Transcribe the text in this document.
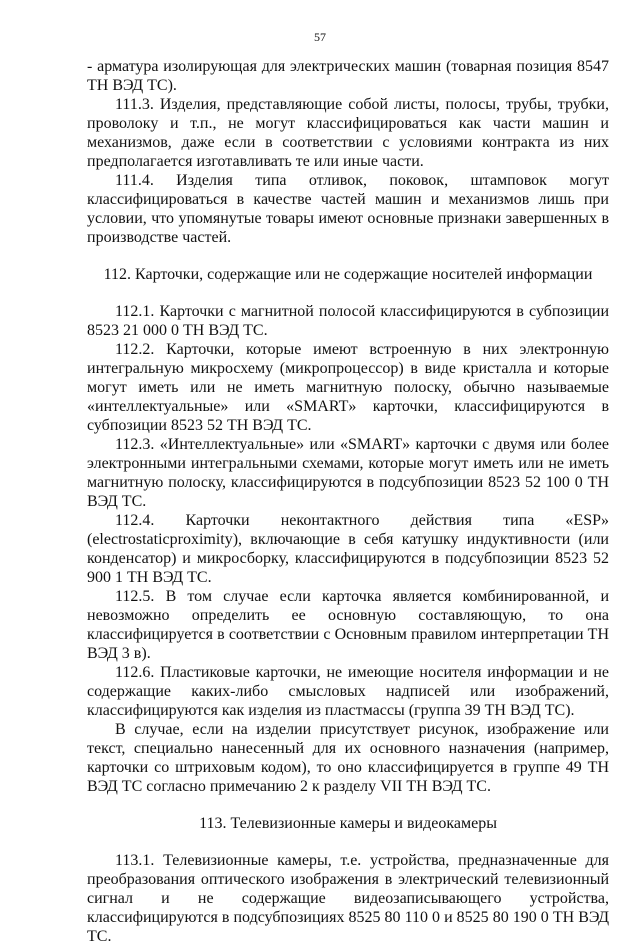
57

- арматура изолирующая для электрических машин (товарная позиция 8547 ТН ВЭД ТС).

111.3. Изделия, представляющие собой листы, полосы, трубы, трубки, проволоку и т.п., не могут классифицироваться как части машин и механизмов, даже если в соответствии с условиями контракта из них предполагается изготавливать те или иные части.

111.4. Изделия типа отливок, поковок, штамповок могут классифицироваться в качестве частей машин и механизмов лишь при условии, что упомянутые товары имеют основные признаки завершенных в производстве частей.

112. Карточки, содержащие или не содержащие носителей информации

112.1. Карточки с магнитной полосой классифицируются в субпозиции 8523 21 000 0 ТН ВЭД ТС.

112.2. Карточки, которые имеют встроенную в них электронную интегральную микросхему (микропроцессор) в виде кристалла и которые могут иметь или не иметь магнитную полоску, обычно называемые «интеллектуальные» или «SMART» карточки, классифицируются в субпозиции 8523 52 ТН ВЭД ТС.

112.3. «Интеллектуальные» или «SMART» карточки с двумя или более электронными интегральными схемами, которые могут иметь или не иметь магнитную полоску, классифицируются в подсубпозиции 8523 52 100 0 ТН ВЭД ТС.

112.4. Карточки неконтактного действия типа «ESP» (electrostaticproximity), включающие в себя катушку индуктивности (или конденсатор) и микросборку, классифицируются в подсубпозиции 8523 52 900 1 ТН ВЭД ТС.

112.5. В том случае если карточка является комбинированной, и невозможно определить ее основную составляющую, то она классифицируется в соответствии с Основным правилом интерпретации ТН ВЭД 3 в).

112.6. Пластиковые карточки, не имеющие носителя информации и не содержащие каких-либо смысловых надписей или изображений, классифицируются как изделия из пластмассы (группа 39 ТН ВЭД ТС).

В случае, если на изделии присутствует рисунок, изображение или текст, специально нанесенный для их основного назначения (например, карточки со штриховым кодом), то оно классифицируется в группе 49 ТН ВЭД ТС согласно примечанию 2 к разделу VII ТН ВЭД ТС.

113. Телевизионные камеры и видеокамеры

113.1. Телевизионные камеры, т.е. устройства, предназначенные для преобразования оптического изображения в электрический телевизионный сигнал и не содержащие видеозаписывающего устройства, классифицируются в подсубпозициях 8525 80 110 0 и 8525 80 190 0 ТН ВЭД ТС.
